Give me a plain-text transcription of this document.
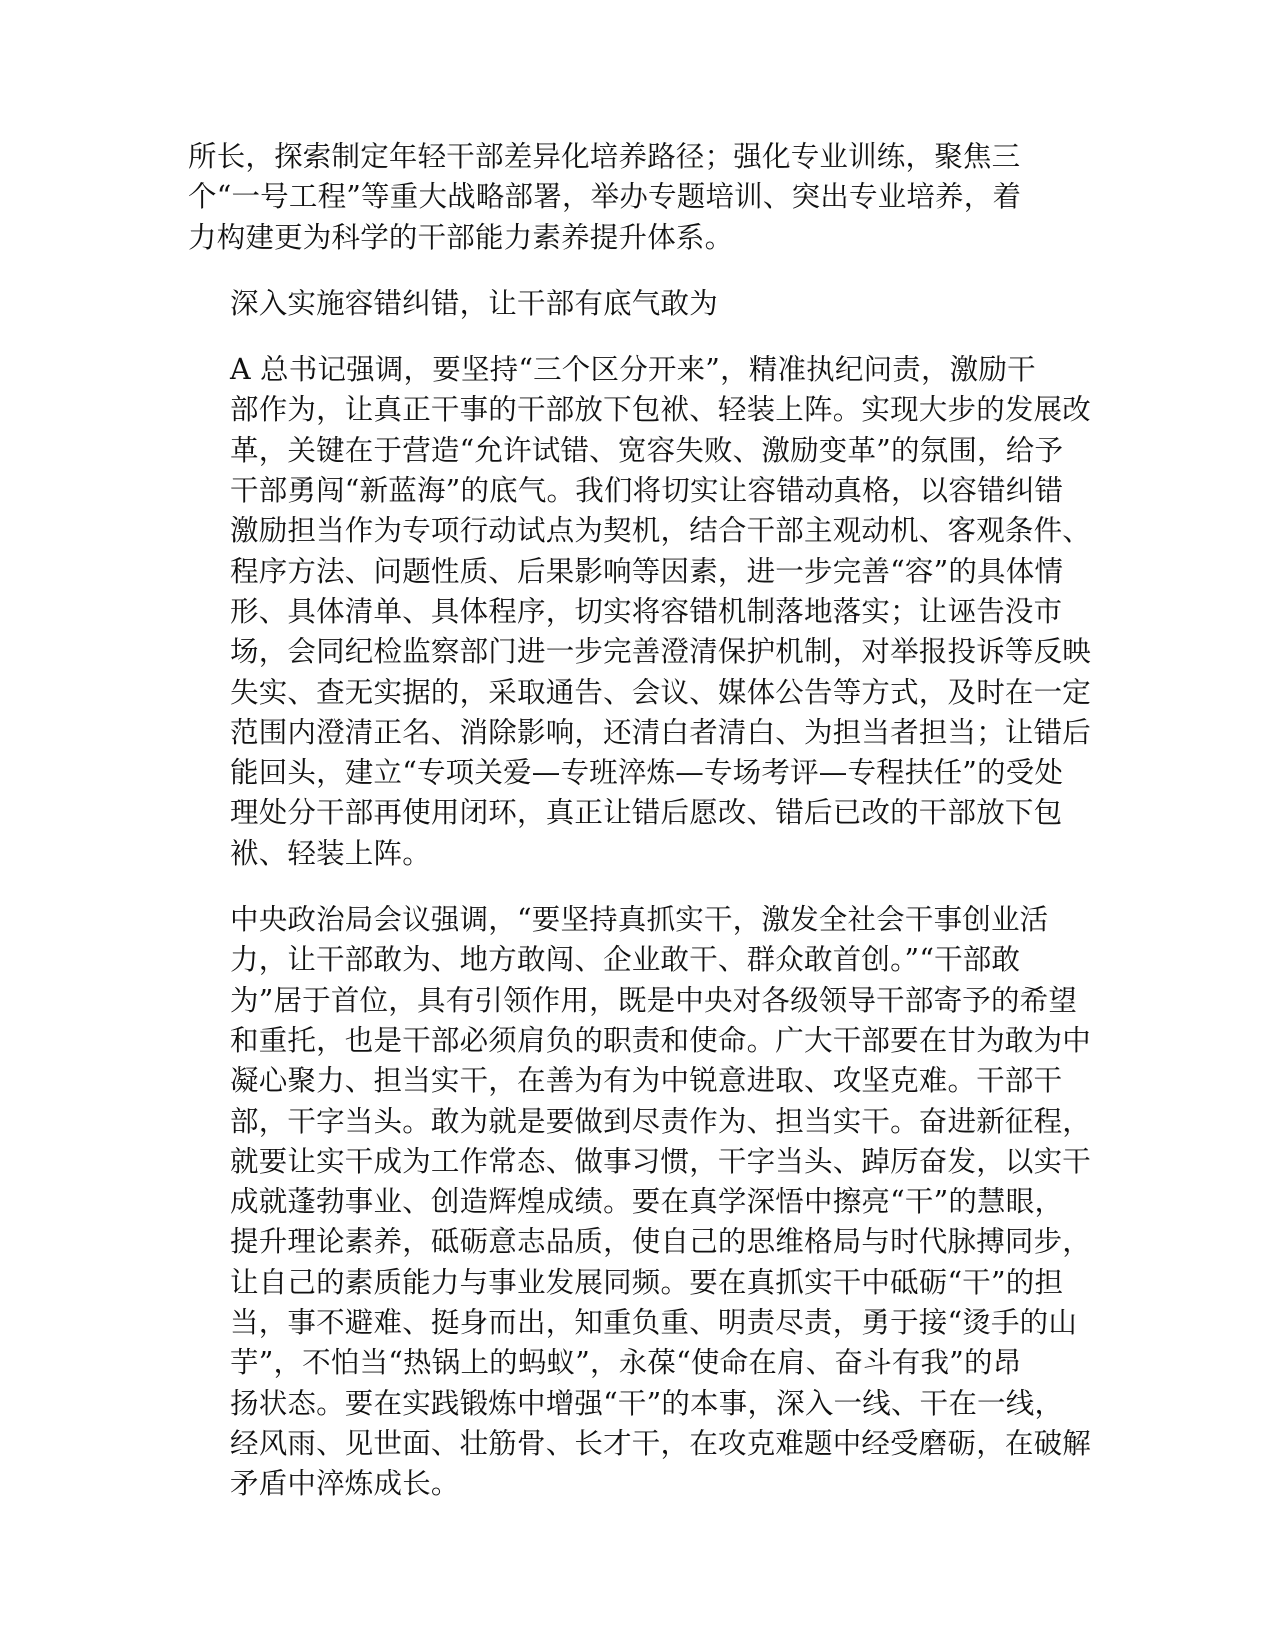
所长，探索制定年轻干部差异化培养路径；强化专业训练，聚焦三
个“一号工程”等重大战略部署，举办专题培训、突出专业培养，着
力构建更为科学的干部能力素养提升体系。

深入实施容错纠错，让干部有底气敢为

A 总书记强调，要坚持“三个区分开来”，精准执纪问责，激励干
部作为，让真正干事的干部放下包袱、轻装上阵。实现大步的发展改
革，关键在于营造“允许试错、宽容失败、激励变革”的氛围，给予
干部勇闯“新蓝海”的底气。我们将切实让容错动真格，以容错纠错
激励担当作为专项行动试点为契机，结合干部主观动机、客观条件、
程序方法、问题性质、后果影响等因素，进一步完善“容”的具体情
形、具体清单、具体程序，切实将容错机制落地落实；让诬告没市
场，会同纪检监察部门进一步完善澄清保护机制，对举报投诉等反映
失实、查无实据的，采取通告、会议、媒体公告等方式，及时在一定
范围内澄清正名、消除影响，还清白者清白、为担当者担当；让错后
能回头，建立“专项关爱—专班淬炼—专场考评—专程扶任”的受处
理处分干部再使用闭环，真正让错后愿改、错后已改的干部放下包
袱、轻装上阵。

中央政治局会议强调，“要坚持真抓实干，激发全社会干事创业活
力，让干部敢为、地方敢闯、企业敢干、群众敢首创。”“干部敢
为”居于首位，具有引领作用，既是中央对各级领导干部寄予的希望
和重托，也是干部必须肩负的职责和使命。广大干部要在甘为敢为中
凝心聚力、担当实干，在善为有为中锐意进取、攻坚克难。干部干
部，干字当头。敢为就是要做到尽责作为、担当实干。奋进新征程，
就要让实干成为工作常态、做事习惯，干字当头、踔厉奋发，以实干
成就蓬勃事业、创造辉煌成绩。要在真学深悟中擦亮“干”的慧眼，
提升理论素养，砥砺意志品质，使自己的思维格局与时代脉搏同步，
让自己的素质能力与事业发展同频。要在真抓实干中砥砺“干”的担
当，事不避难、挺身而出，知重负重、明责尽责，勇于接“烫手的山
芋”，不怕当“热锅上的蚂蚁”，永葆“使命在肩、奋斗有我”的昂
扬状态。要在实践锻炼中增强“干”的本事，深入一线、干在一线，
经风雨、见世面、壮筋骨、长才干，在攻克难题中经受磨砺，在破解
矛盾中淬炼成长。
